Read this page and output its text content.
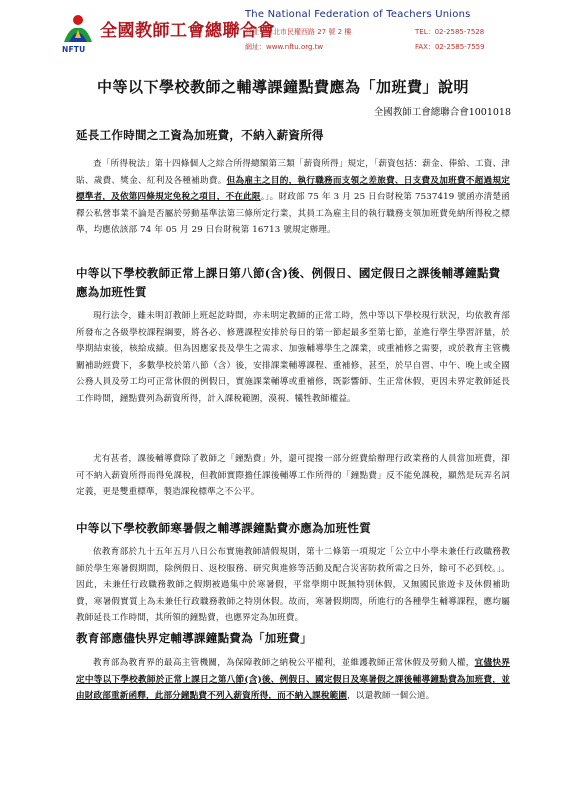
NFTU
全國教師工會總聯合會
The National Federation of Teachers Unions
會址：台北市民權西路 27 號 2 樓	TEL：02-2585-7528
網址：www.nftu.org.tw	FAX：02-2585-7559
中等以下學校教師之輔導課鐘點費應為「加班費」說明
全國教師工會總聯合會1001018
延長工作時間之工資為加班費，不納入薪資所得

查「所得稅法」第十四條個人之綜合所得總額第三類「薪資所得」規定，「薪資包括：薪金、俸給、工資、津貼、歲費、獎金、紅利及各種補助費。但為雇主之目的，執行職務而支領之差旅費、日支費及加班費不超過規定標準者，及依第四條規定免稅之項目，不在此限。」。財政部 75 年 3 月 25 日台財稅第 7537419 號函亦清楚函釋公私營事業不論是否屬於勞動基準法第三條所定行業，其員工為雇主目的執行職務支領加班費免納所得稅之標準，均應依該部 74 年 05 月 29 日台財稅第 16713 號規定辦理。

中等以下學校教師正常上課日第八節(含)後、例假日、國定假日之課後輔導鐘點費應為加班性質

現行法令，雖未明訂教師上班起訖時間，亦未明定教師的正常工時，然中等以下學校現行狀況，均依教育部所發布之各級學校課程綱要，將各必、修選課程安排於每日的第一節起最多至第七節，並進行學生學習評量，於學期結束後，核給成績。但為因應家長及學生之需求、加強輔導學生之課業，或重補修之需要，或於教育主管機關補助經費下，多數學校於第八節（含）後，安排課業輔導課程、重補修，甚至，於早自習、中午、晚上或全國公務人員及勞工均可正常休假的例假日，實施課業輔導或重補修，既影響師、生正常休假，更因未界定教師延長工作時間，鐘點費列為薪資所得，計入課稅範圍，漠視、犧牲教師權益。

尤有甚者，課後輔導費除了教師之「鐘點費」外，還可提撥一部分經費給辦理行政業務的人員當加班費，卻可不納入薪資所得而得免課稅，但教師實際擔任課後輔導工作所得的「鐘點費」反不能免課稅，顯然是玩弄名詞定義，更是雙重標準，製造課稅標準之不公平。

中等以下學校教師寒暑假之輔導課鐘點費亦應為加班性質

依教育部於九十五年五月八日公布實施教師請假規則，第十二條第一項規定「公立中小學未兼任行政職務教師於學生寒暑假期間，除例假日、返校服務、研究與進修等活動及配合災害防救所需之日外，餘可不必到校。」。因此，未兼任行政職務教師之假期被過集中於寒暑假，平常學期中既無特別休假，又無國民旅遊卡及休假補助費，寒暑假實質上為未兼任行政職務教師之特別休假。故而，寒暑假期間，所進行的各種學生輔導課程，應均屬教師延長工作時間，其所領的鐘點費，也應界定為加班費。

教育部應儘快界定輔導課鐘點費為「加班費」

教育部為教育界的最高主管機關，為保障教師之納稅公平權利，並維護教師正常休假及勞動人權，宜儘快界定中等以下學校教師於正常上課日之第八節(含)後、例假日、國定假日及寒暑假之課後輔導鐘點費為加班費，並由財政部重新函釋，此部分鐘點費不列入薪資所得，而不納入課稅範圍，以還教師一個公道。
